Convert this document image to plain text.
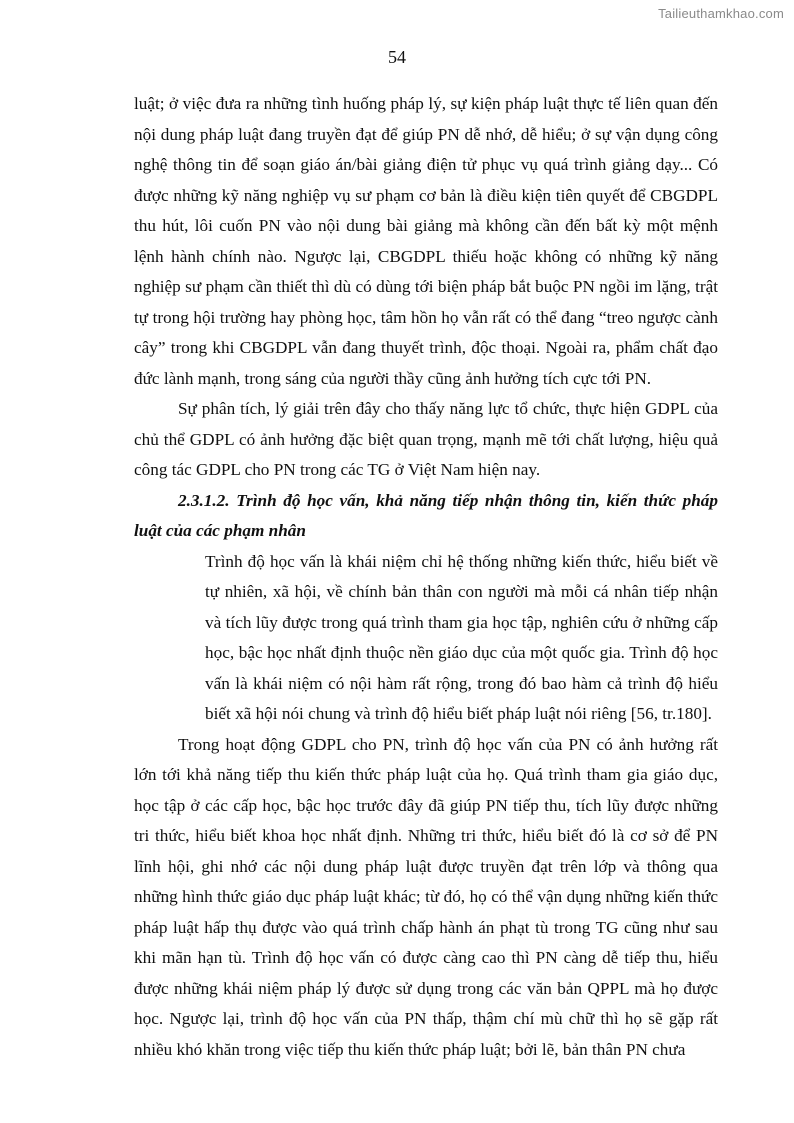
Tailieuthamkhao.com
54

luật; ở việc đưa ra những tình huống pháp lý, sự kiện pháp luật thực tế liên quan đến nội dung pháp luật đang truyền đạt để giúp PN dễ nhớ, dễ hiểu; ở sự vận dụng công nghệ thông tin để soạn giáo án/bài giảng điện tử phục vụ quá trình giảng dạy... Có được những kỹ năng nghiệp vụ sư phạm cơ bản là điều kiện tiên quyết để CBGDPL thu hút, lôi cuốn PN vào nội dung bài giảng mà không cần đến bất kỳ một mệnh lệnh hành chính nào. Ngược lại, CBGDPL thiếu hoặc không có những kỹ năng nghiệp sư phạm cần thiết thì dù có dùng tới biện pháp bắt buộc PN ngồi im lặng, trật tự trong hội trường hay phòng học, tâm hồn họ vẫn rất có thể đang “treo ngược cành cây” trong khi CBGDPL vẫn đang thuyết trình, độc thoại. Ngoài ra, phẩm chất đạo đức lành mạnh, trong sáng của người thầy cũng ảnh hưởng tích cực tới PN.

Sự phân tích, lý giải trên đây cho thấy năng lực tổ chức, thực hiện GDPL của chủ thể GDPL có ảnh hưởng đặc biệt quan trọng, mạnh mẽ tới chất lượng, hiệu quả công tác GDPL cho PN trong các TG ở Việt Nam hiện nay.

2.3.1.2. Trình độ học vấn, khả năng tiếp nhận thông tin, kiến thức pháp luật của các phạm nhân

Trình độ học vấn là khái niệm chỉ hệ thống những kiến thức, hiểu biết về tự nhiên, xã hội, về chính bản thân con người mà mỗi cá nhân tiếp nhận và tích lũy được trong quá trình tham gia học tập, nghiên cứu ở những cấp học, bậc học nhất định thuộc nền giáo dục của một quốc gia. Trình độ học vấn là khái niệm có nội hàm rất rộng, trong đó bao hàm cả trình độ hiểu biết xã hội nói chung và trình độ hiểu biết pháp luật nói riêng [56, tr.180].

Trong hoạt động GDPL cho PN, trình độ học vấn của PN có ảnh hưởng rất lớn tới khả năng tiếp thu kiến thức pháp luật của họ. Quá trình tham gia giáo dục, học tập ở các cấp học, bậc học trước đây đã giúp PN tiếp thu, tích lũy được những tri thức, hiểu biết khoa học nhất định. Những tri thức, hiểu biết đó là cơ sở để PN lĩnh hội, ghi nhớ các nội dung pháp luật được truyền đạt trên lớp và thông qua những hình thức giáo dục pháp luật khác; từ đó, họ có thể vận dụng những kiến thức pháp luật hấp thụ được vào quá trình chấp hành án phạt tù trong TG cũng như sau khi mãn hạn tù. Trình độ học vấn có được càng cao thì PN càng dễ tiếp thu, hiểu được những khái niệm pháp lý được sử dụng trong các văn bản QPPL mà họ được học. Ngược lại, trình độ học vấn của PN thấp, thậm chí mù chữ thì họ sẽ gặp rất nhiều khó khăn trong việc tiếp thu kiến thức pháp luật; bởi lẽ, bản thân PN chưa
